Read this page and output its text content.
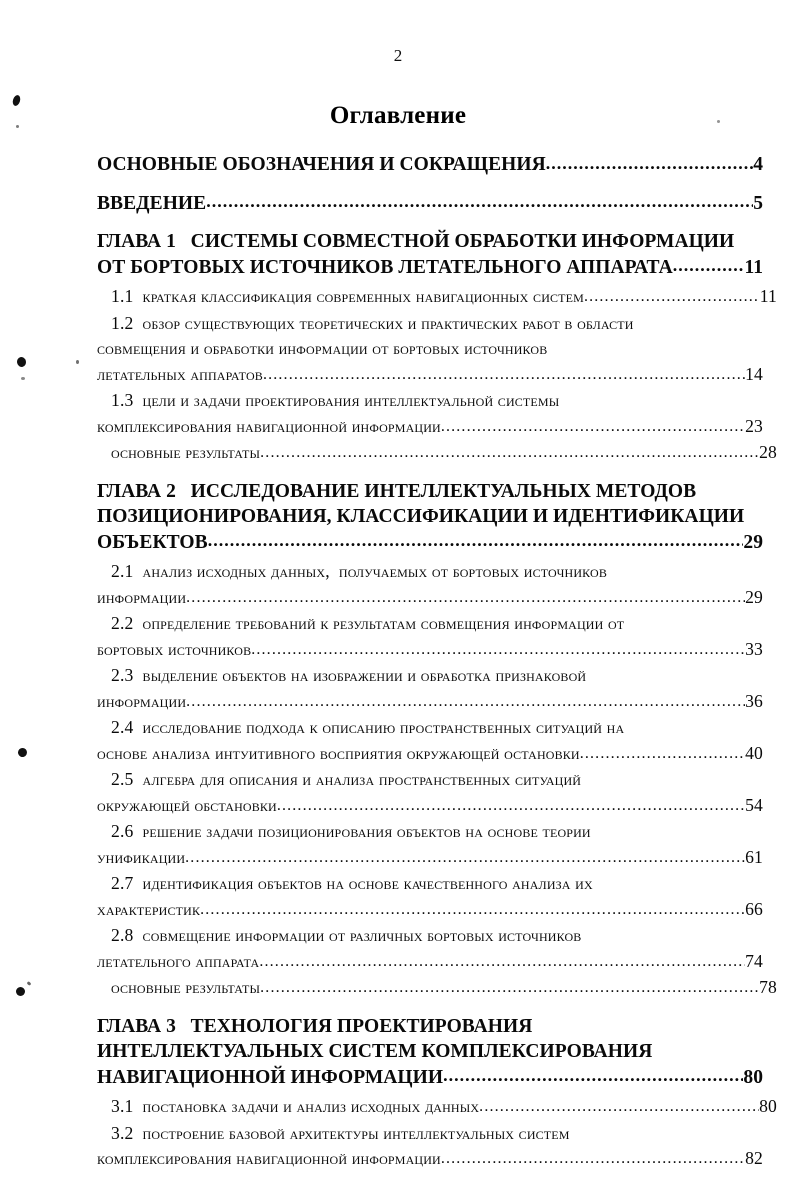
2
Оглавление
ОСНОВНЫЕ ОБОЗНАЧЕНИЯ И СОКРАЩЕНИЯ .....	4
ВВЕДЕНИЕ .....	5
ГЛАВА 1   СИСТЕМЫ СОВМЕСТНОЙ ОБРАБОТКИ ИНФОРМАЦИИ
ОТ БОРТОВЫХ ИСТОЧНИКОВ ЛЕТАТЕЛЬНОГО АППАРАТА .....	11
1.1 краткая классификация современных навигационных систем .....	11
1.2 обзор существующих теоретических и практических работ в области
совмещения и обработки информации от бортовых источников
летательных аппаратов .....	14
1.3 цели и задачи проектирования интеллектуальной системы
комплексирования навигационной информации .....	23
основные результаты .....	28
ГЛАВА 2   ИССЛЕДОВАНИЕ ИНТЕЛЛЕКТУАЛЬНЫХ МЕТОДОВ
ПОЗИЦИОНИРОВАНИЯ, КЛАССИФИКАЦИИ И ИДЕНТИФИКАЦИИ
ОБЪЕКТОВ .....	29
2.1 анализ исходных данных,  получаемых от бортовых источников
информации .....	29
2.2 определение требований к результатам совмещения информации от
бортовых источников .....	33
2.3 выделение объектов на изображении и обработка признаковой
информации .....	36
2.4 исследование подхода к описанию пространственных ситуаций на
основе анализа интуитивного восприятия окружающей остановки .....	40
2.5 алгебра для описания и анализа пространственных ситуаций
окружающей обстановки .....	54
2.6 решение задачи позиционирования объектов на основе теории
унификации .....	61
2.7 идентификация объектов на основе качественного анализа их
характеристик .....	66
2.8 совмещение информации от различных бортовых источников
летательного аппарата .....	74
основные результаты .....	78
ГЛАВА 3   ТЕХНОЛОГИЯ ПРОЕКТИРОВАНИЯ
ИНТЕЛЛЕКТУАЛЬНЫХ СИСТЕМ КОМПЛЕКСИРОВАНИЯ
НАВИГАЦИОННОЙ ИНФОРМАЦИИ .....	80
3.1 постановка задачи и анализ исходных данных .....	80
3.2 построение базовой архитектуры интеллектуальных систем
комплексирования навигационной информации .....	82
